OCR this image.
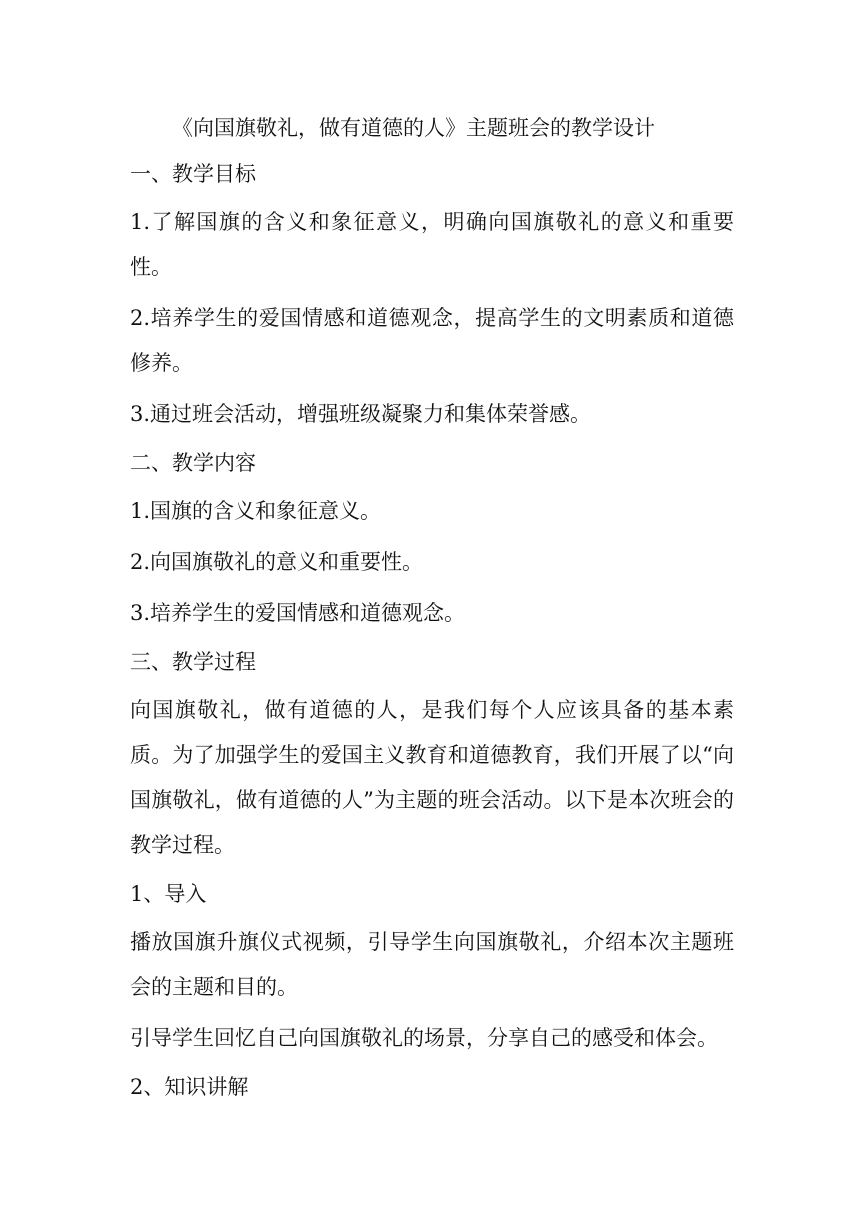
《向国旗敬礼，做有道德的人》主题班会的教学设计
一、教学目标

1.了解国旗的含义和象征意义，明确向国旗敬礼的意义和重要性。

2.培养学生的爱国情感和道德观念，提高学生的文明素质和道德修养。

3.通过班会活动，增强班级凝聚力和集体荣誉感。

二、教学内容

1.国旗的含义和象征意义。

2.向国旗敬礼的意义和重要性。

3.培养学生的爱国情感和道德观念。

三、教学过程

向国旗敬礼，做有道德的人，是我们每个人应该具备的基本素质。为了加强学生的爱国主义教育和道德教育，我们开展了以“向国旗敬礼，做有道德的人”为主题的班会活动。以下是本次班会的教学过程。

1、导入

播放国旗升旗仪式视频，引导学生向国旗敬礼，介绍本次主题班会的主题和目的。

引导学生回忆自己向国旗敬礼的场景，分享自己的感受和体会。

2、知识讲解
